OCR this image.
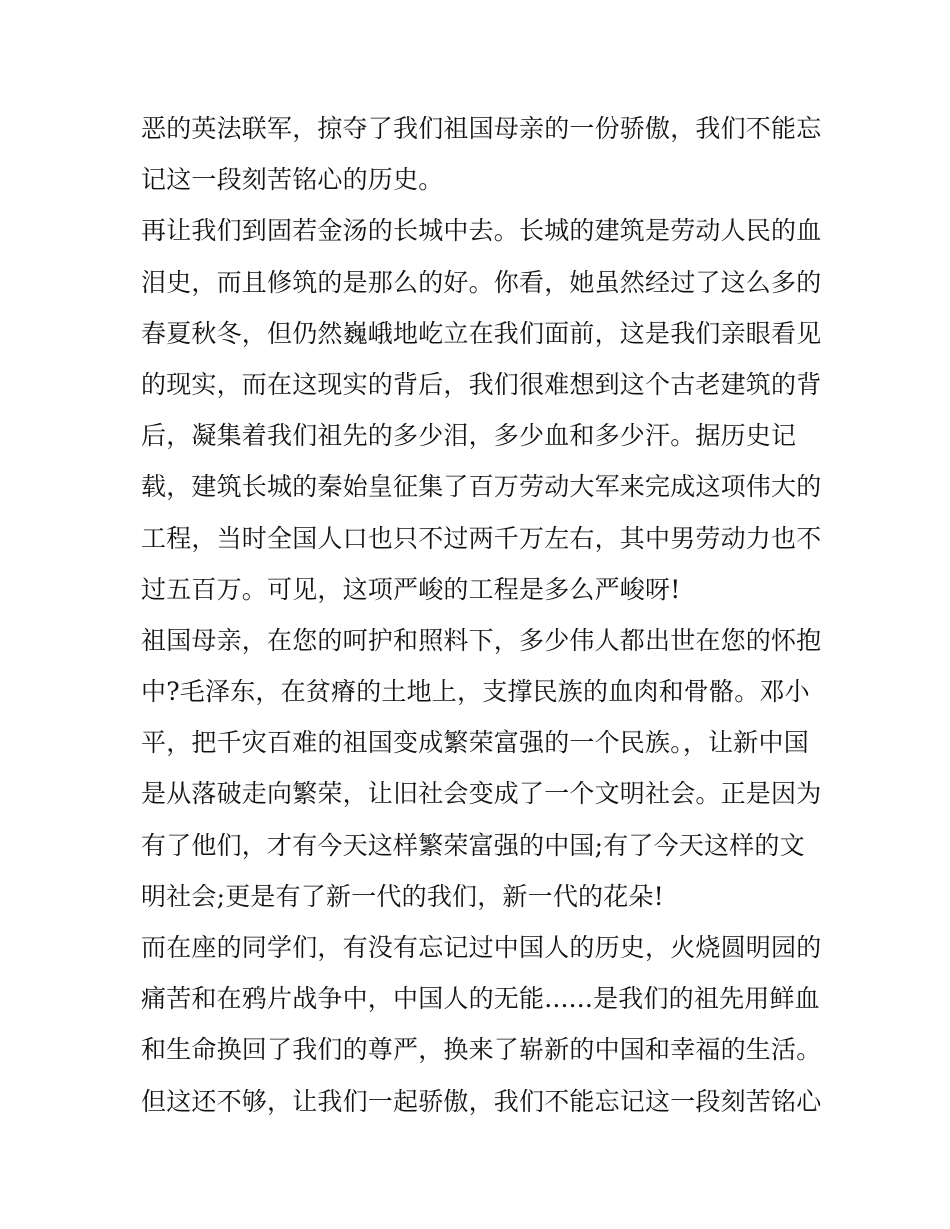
恶的英法联军，掠夺了我们祖国母亲的一份骄傲，我们不能忘
记这一段刻苦铭心的历史。
再让我们到固若金汤的长城中去。长城的建筑是劳动人民的血
泪史，而且修筑的是那么的好。你看，她虽然经过了这么多的
春夏秋冬，但仍然巍峨地屹立在我们面前，这是我们亲眼看见
的现实，而在这现实的背后，我们很难想到这个古老建筑的背
后，凝集着我们祖先的多少泪，多少血和多少汗。据历史记
载，建筑长城的秦始皇征集了百万劳动大军来完成这项伟大的
工程，当时全国人口也只不过两千万左右，其中男劳动力也不
过五百万。可见，这项严峻的工程是多么严峻呀!
祖国母亲，在您的呵护和照料下，多少伟人都出世在您的怀抱
中?毛泽东，在贫瘠的土地上，支撑民族的血肉和骨骼。邓小
平，把千灾百难的祖国变成繁荣富强的一个民族。，让新中国
是从落破走向繁荣，让旧社会变成了一个文明社会。正是因为
有了他们，才有今天这样繁荣富强的中国;有了今天这样的文
明社会;更是有了新一代的我们，新一代的花朵!
而在座的同学们，有没有忘记过中国人的历史，火烧圆明园的
痛苦和在鸦片战争中，中国人的无能......是我们的祖先用鲜血
和生命换回了我们的尊严，换来了崭新的中国和幸福的生活。
但这还不够，让我们一起骄傲，我们不能忘记这一段刻苦铭心
